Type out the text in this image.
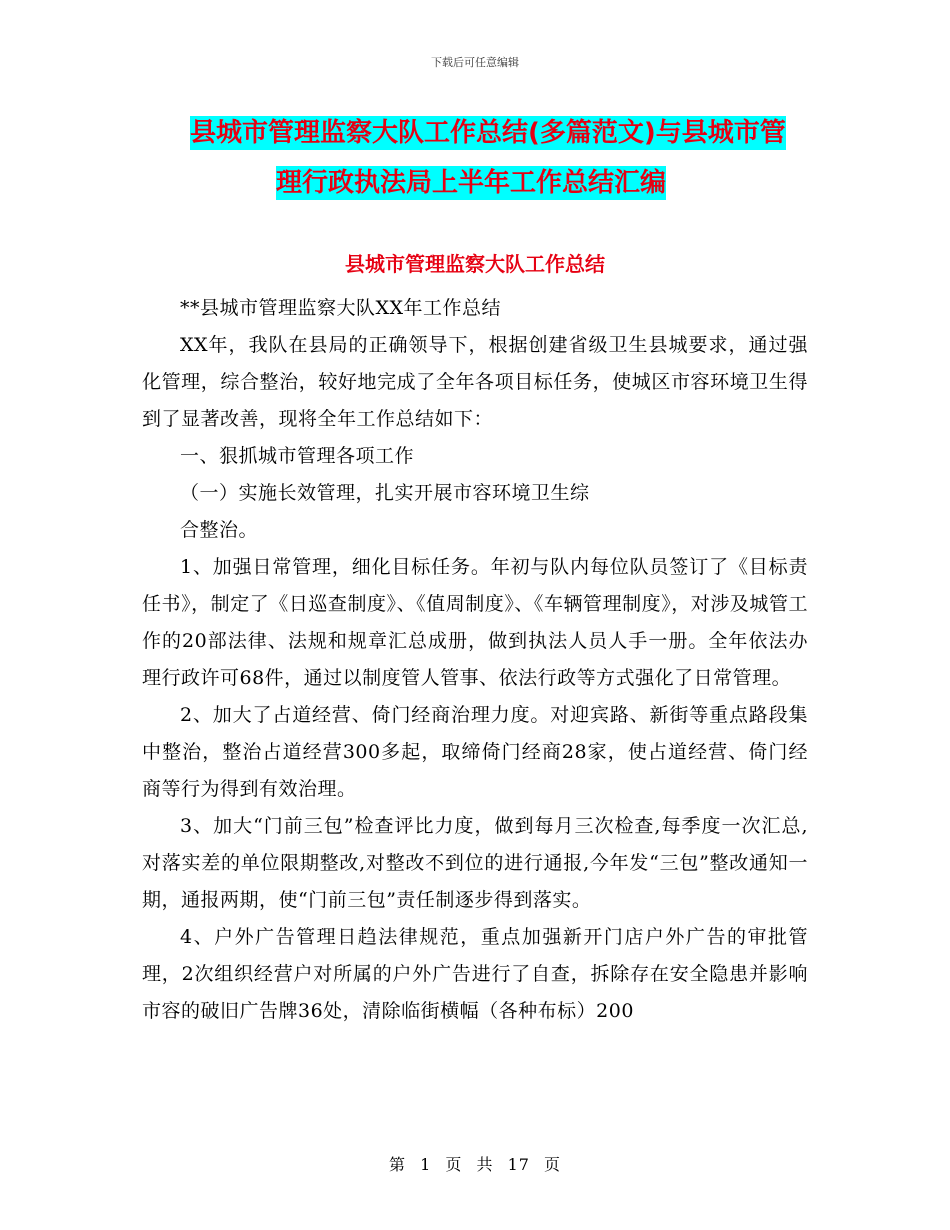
下载后可任意编辑
县城市管理监察大队工作总结(多篇范文)与县城市管
理行政执法局上半年工作总结汇编
县城市管理监察大队工作总结

**县城市管理监察大队XX年工作总结

XX年，我队在县局的正确领导下，根据创建省级卫生县城要求，通过强化管理，综合整治，较好地完成了全年各项目标任务，使城区市容环境卫生得到了显著改善，现将全年工作总结如下：

一、狠抓城市管理各项工作

（一）实施长效管理，扎实开展市容环境卫生综

合整治。

1、加强日常管理，细化目标任务。年初与队内每位队员签订了《目标责任书》，制定了《日巡查制度》、《值周制度》、《车辆管理制度》，对涉及城管工作的20部法律、法规和规章汇总成册，做到执法人员人手一册。全年依法办理行政许可68件，通过以制度管人管事、依法行政等方式强化了日常管理。

2、加大了占道经营、倚门经商治理力度。对迎宾路、新街等重点路段集中整治，整治占道经营300多起，取缔倚门经商28家，使占道经营、倚门经商等行为得到有效治理。

3、加大“门前三包”检查评比力度，做到每月三次检查,每季度一次汇总,对落实差的单位限期整改,对整改不到位的进行通报,今年发“三包”整改通知一期，通报两期，使“门前三包”责任制逐步得到落实。

4、户外广告管理日趋法律规范，重点加强新开门店户外广告的审批管理，2次组织经营户对所属的户外广告进行了自查，拆除存在安全隐患并影响市容的破旧广告牌36处，清除临街横幅（各种布标）200

第 1 页 共 17 页
